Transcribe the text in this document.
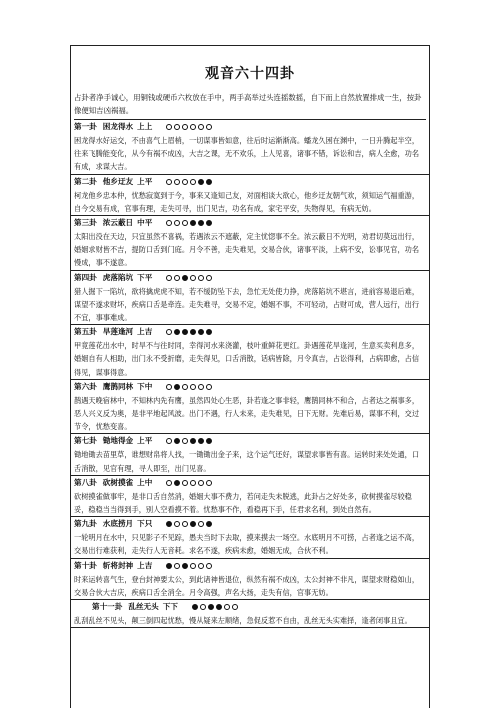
观音六十四卦
占卦者净手诚心，用铜钱或硬币六枚放在手中，两手高举过头连摇数摇，自下而上自然放置排成一生，按卦像便知吉凶祸福。
第一卦 困龙得水 上上
困龙得水好运交，不由喜气上眉梢，一切谋事皆如意，往后时运渐渐高。蟠龙久困在渊中，一日升腾起半空，往来飞腾能变化，从今有祸不成凶，大吉之课，无不欢乐，上人见喜，诸事不错，诉讼和吉，病人全愈，功名有成，求谋大吉。
第二卦 他乡迂友 上平
柯龙他乡忠本仲，忧愁寂寞到于今，事来又逢知己友，对面相谈大欲心，他乡迂友朝气欢，须知运气福重游，自今交易有成，官事有理，走失可寻，出门见吉，功名有成，家宅平安，失物得见，有病无妨。
第三卦 浓云蔽日 中平
太阳出没在天边，只宜虽然不喜祸，若遇浓云不遮蔽，定主忧惚事不全。浓云蔽日不光明，劝君切莫远出行，婚姻求财皆不吉，提防口舌到门庭。月令不善，走失难见，交易合伙，诸事平淡，上病不安，讼事见官，功名慢成，事不遂意。
第四卦 虎落陷坑 下平
猎人掘下一陷坑，欲将擒虎虎不知，若不缓防坠下去，急忙无处使力挣，虎落陷坑不堪言，进前容易退后难，谋望不遂求财坏，疾病口舌是牵连。走失难寻，交易不定，婚姻不事，不可轻动，占财可成，营人远行，出行不宜，事事难成。
第五卦 旱莲逢河 上吉
甲竟莲花出水中，时旱不与往时同，幸得河水来浇灌，枝叶重鲜花更红。卦遇莲花旱逢河，生意买卖利息多，婚姻自有人相助，出门永不受折磨，走失得见，口舌消散，话病皆除，月令真吉，占讼得利，占病即愈，占信得见，谋事得意。
第六卦 鹰鹊同林 下中
鹊遇天晚宿林中，不知林内先有鹰，虽然四处心生恶，卦若逢之事非轻，鹰鹊同林不和合，占者达之祸事多，恶人兴义反为奥，是非平地起风波。出门不遇，行人未来，走失难见，日下无财。先难后易，谋事不利，交过节令，忧愁变喜。
第七卦 锄地得金 上平
锄地锄去苗里草，谁想财帛将人找，一锄锄出金子来，这个运气还好，谋望求事皆有喜。运转时来处处通，口舌消散，见官有理，寻人即至，出门见喜。
第八卦 砍树摸雀 上中
砍树摸雀做事牢，是非口舌自然消，婚姻大事不费力，若问走失未脱逃，此卦占之好处多，砍树摸雀尽较稳妥，稳稳当当得到手，别人空看摸不着。忧愁事不作，看稳再下手，任君求名利，到处自然有。
第九卦 水底捞月 下只
一轮明月在水中，只见影子不见踪，愚夫当时下去取，摸来摸去一场空。水底明月不可捞，占者逢之运不高，交易出行难获利，走失行人无音耗。求名不遂，疾病未愈，婚姻无成，合伙不利。
第十卦 斩将封神 上吉
时来运转喜气生，登台封神要太公，到此诸神皆退位，纵然有祸不成凶，太公封神不非凡，谋望求财稳如山，交易合伙大吉庆，疾病口舌全消全。月令高强，声名大扬，走失有信，官事无妨。
第十一卦 乱丝无头 下下
乱刮乱丝不见头，颠三倒四起忧愁，慢从疑来左顺绪，急促反惹不自由，乱丝无头实难择，逢者闭事且宜。
